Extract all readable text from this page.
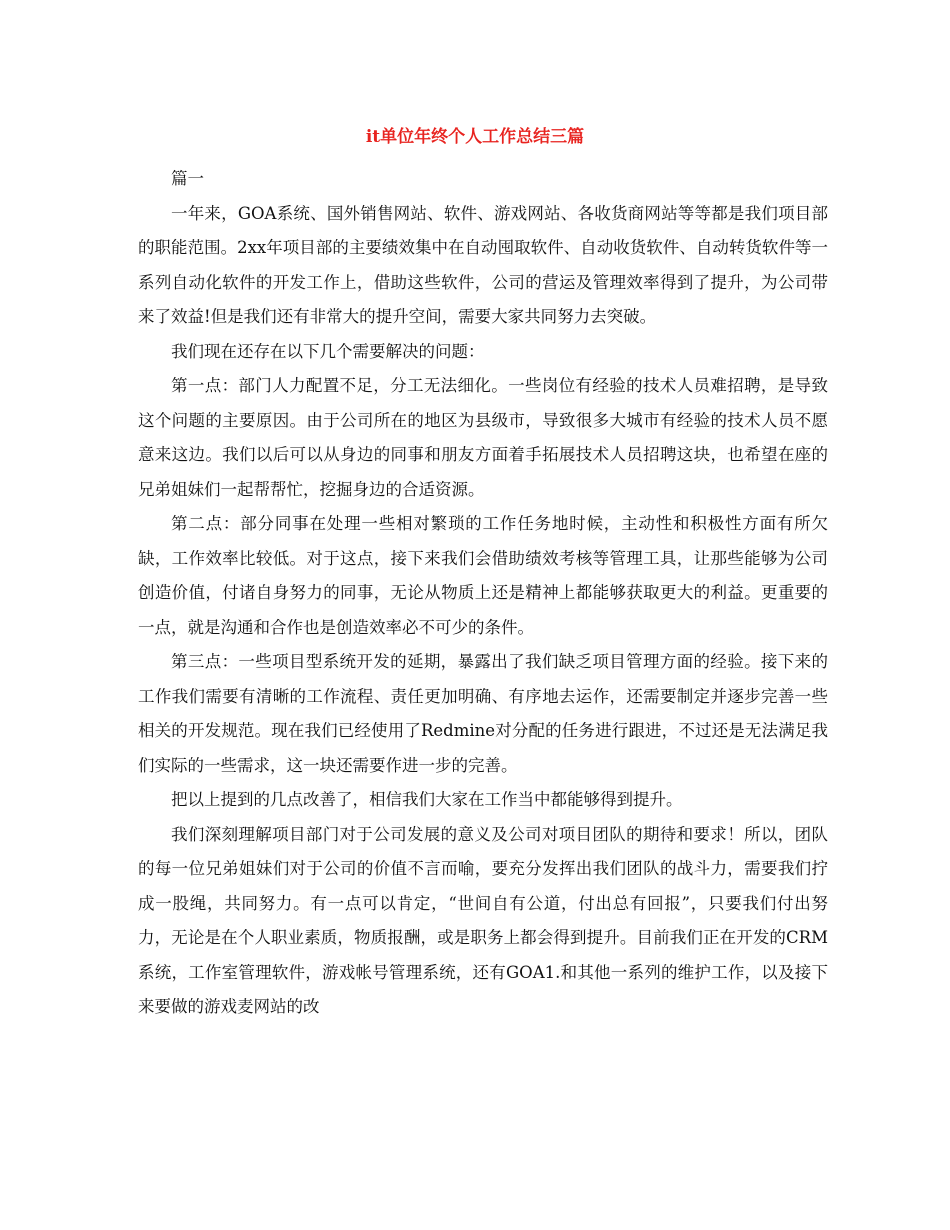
it单位年终个人工作总结三篇

篇一

一年来，GOA系统、国外销售网站、软件、游戏网站、各收货商网站等等都是我们项目部的职能范围。2xx年项目部的主要绩效集中在自动囤取软件、自动收货软件、自动转货软件等一系列自动化软件的开发工作上，借助这些软件，公司的营运及管理效率得到了提升，为公司带来了效益!但是我们还有非常大的提升空间，需要大家共同努力去突破。

我们现在还存在以下几个需要解决的问题：

第一点：部门人力配置不足，分工无法细化。一些岗位有经验的技术人员难招聘，是导致这个问题的主要原因。由于公司所在的地区为县级市，导致很多大城市有经验的技术人员不愿意来这边。我们以后可以从身边的同事和朋友方面着手拓展技术人员招聘这块，也希望在座的兄弟姐妹们一起帮帮忙，挖掘身边的合适资源。

第二点：部分同事在处理一些相对繁琐的工作任务地时候，主动性和积极性方面有所欠缺，工作效率比较低。对于这点，接下来我们会借助绩效考核等管理工具，让那些能够为公司创造价值，付诸自身努力的同事，无论从物质上还是精神上都能够获取更大的利益。更重要的一点，就是沟通和合作也是创造效率必不可少的条件。

第三点：一些项目型系统开发的延期，暴露出了我们缺乏项目管理方面的经验。接下来的工作我们需要有清晰的工作流程、责任更加明确、有序地去运作，还需要制定并逐步完善一些相关的开发规范。现在我们已经使用了Redmine对分配的任务进行跟进，不过还是无法满足我们实际的一些需求，这一块还需要作进一步的完善。

把以上提到的几点改善了，相信我们大家在工作当中都能够得到提升。

我们深刻理解项目部门对于公司发展的意义及公司对项目团队的期待和要求！所以，团队的每一位兄弟姐妹们对于公司的价值不言而喻，要充分发挥出我们团队的战斗力，需要我们拧成一股绳，共同努力。有一点可以肯定，“世间自有公道，付出总有回报”，只要我们付出努力，无论是在个人职业素质，物质报酬，或是职务上都会得到提升。目前我们正在开发的CRM系统，工作室管理软件，游戏帐号管理系统，还有GOA1.和其他一系列的维护工作，以及接下来要做的游戏麦网站的改
